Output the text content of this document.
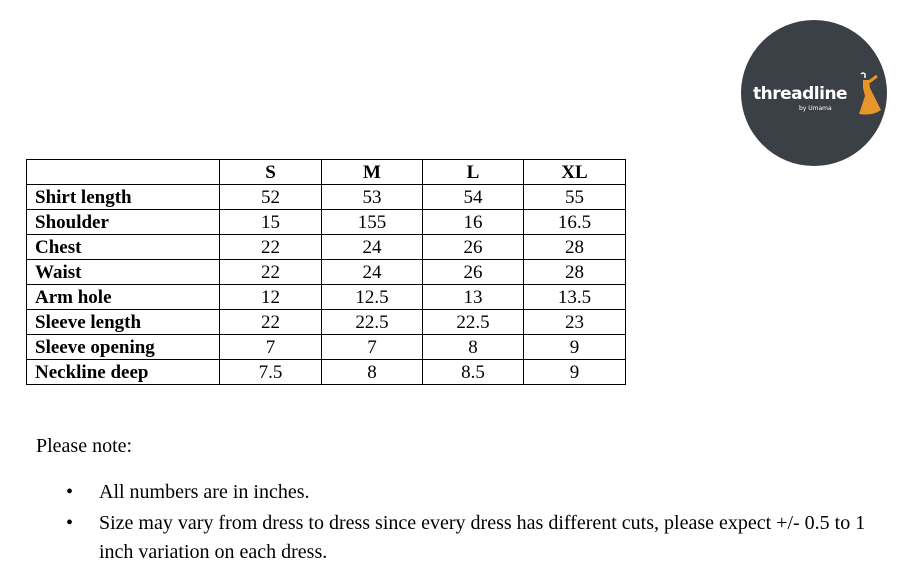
threadline
by Umama
	S	M	L	XL
Shirt length	52	53	54	55
Shoulder	15	155	16	16.5
Chest	22	24	26	28
Waist	22	24	26	28
Arm hole	12	12.5	13	13.5
Sleeve length	22	22.5	22.5	23
Sleeve opening	7	7	8	9
Neckline deep	7.5	8	8.5	9
Please note:
• All numbers are in inches.
• Size may vary from dress to dress since every dress has different cuts, please expect +/- 0.5 to 1 inch variation on each dress.
